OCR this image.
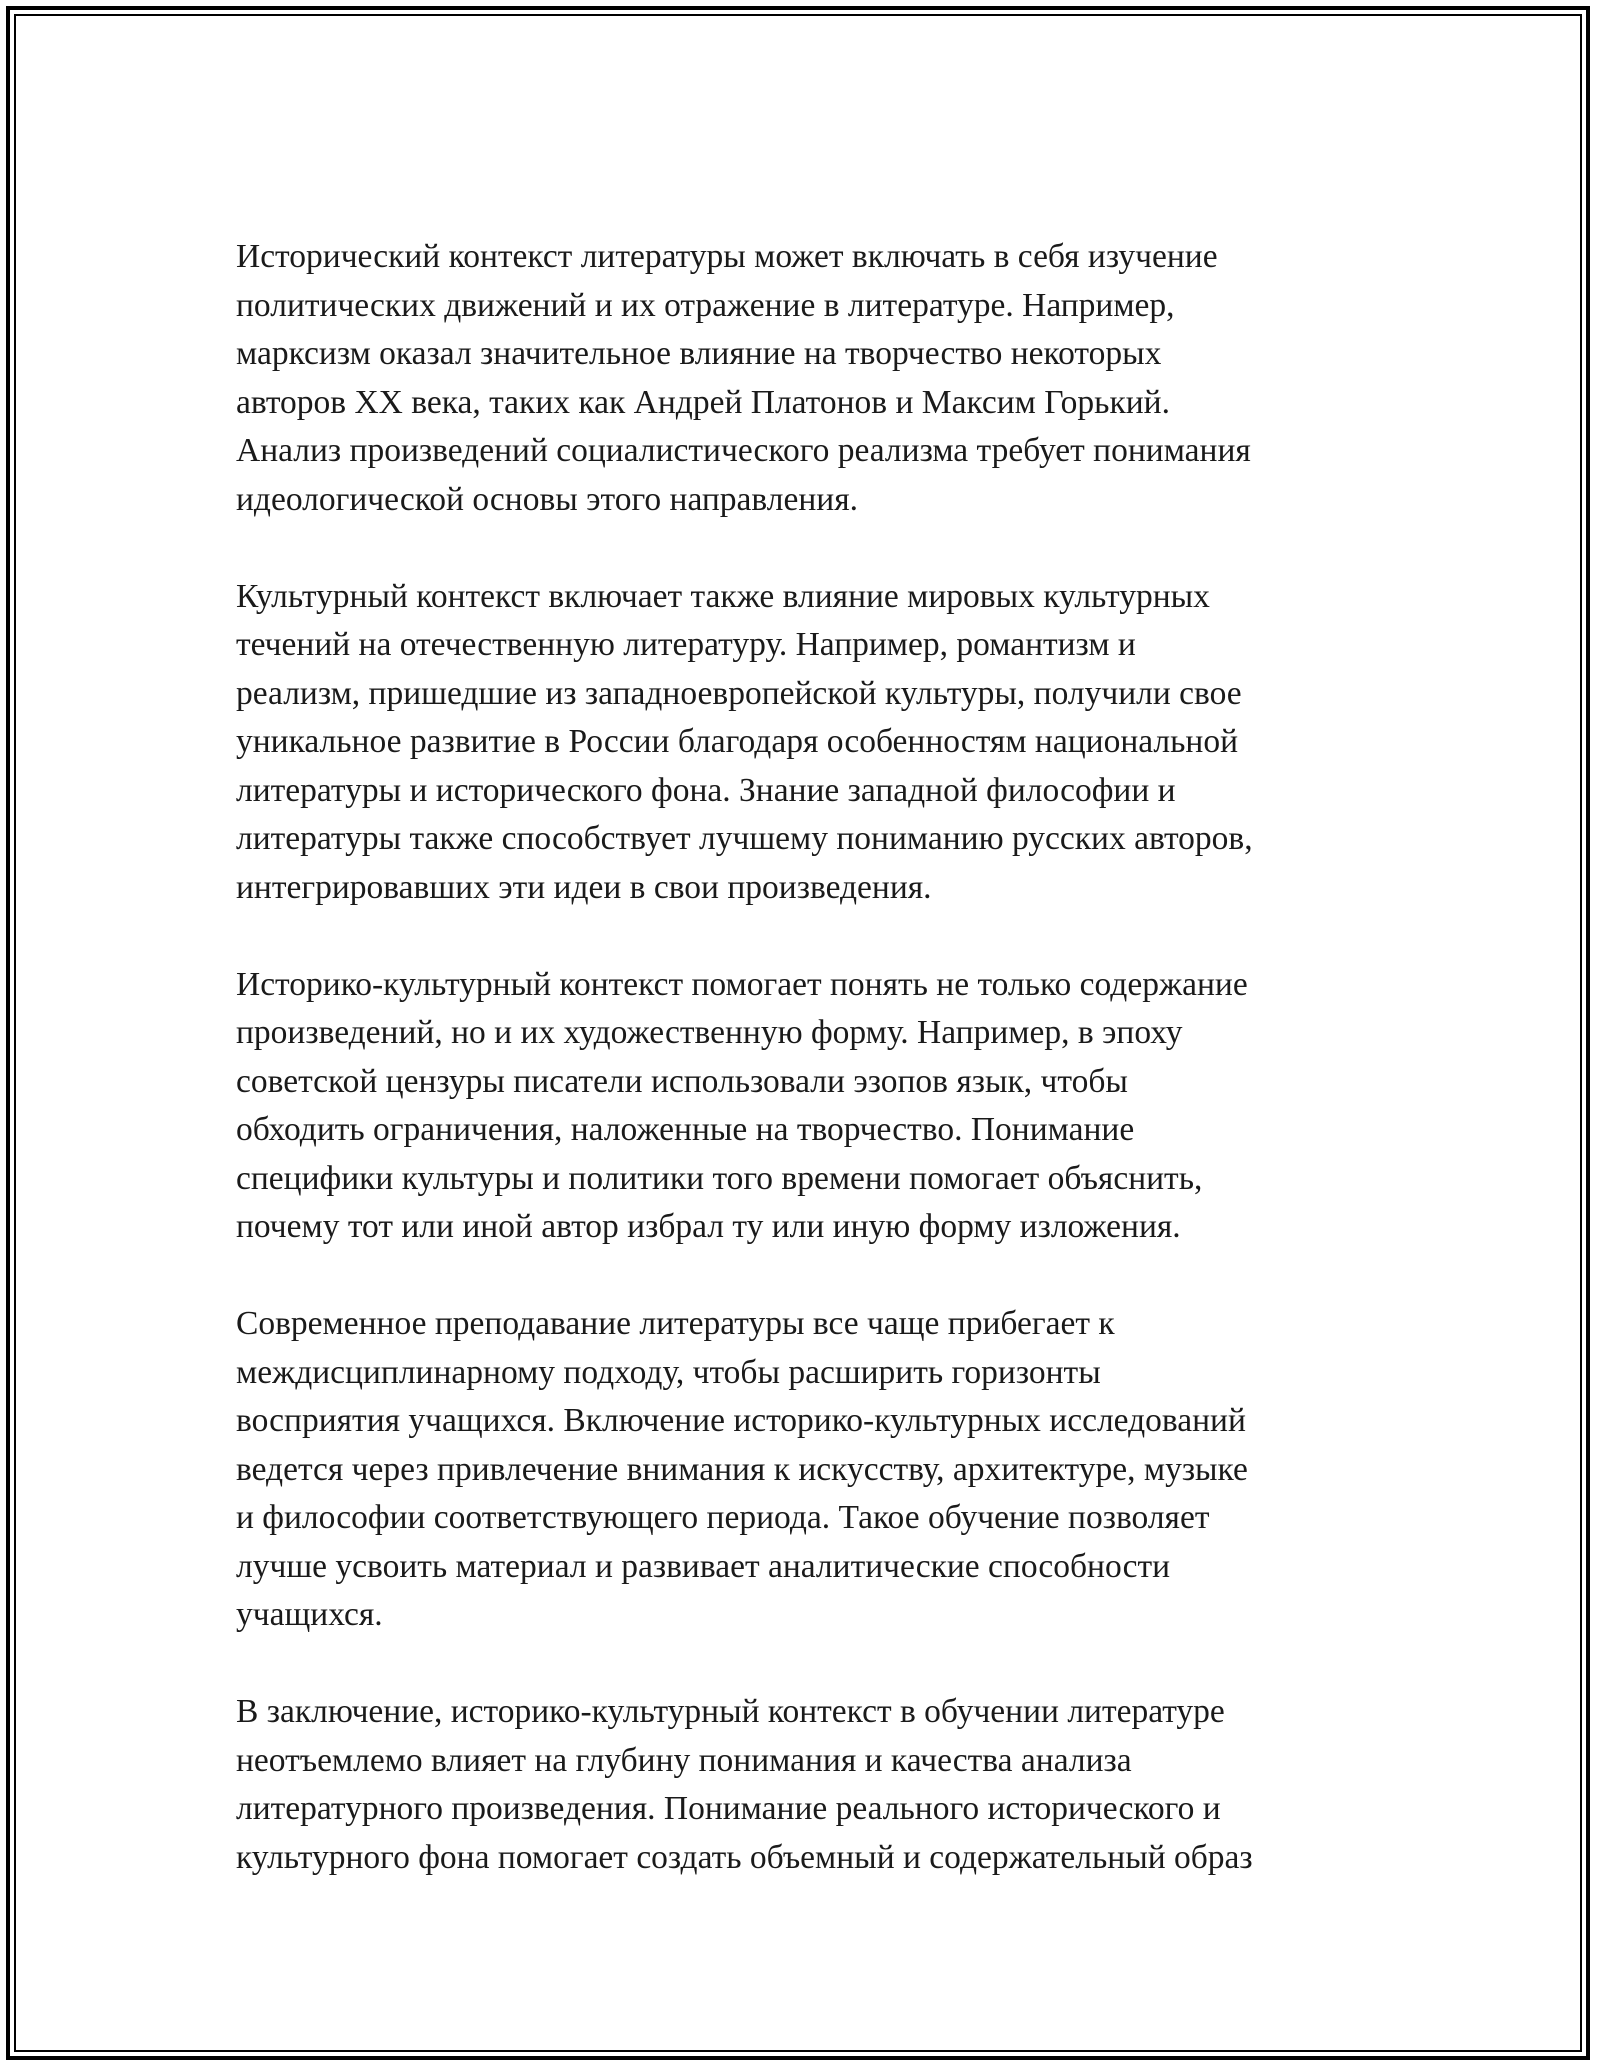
Исторический контекст литературы может включать в себя изучение
политических движений и их отражение в литературе. Например,
марксизм оказал значительное влияние на творчество некоторых
авторов XX века, таких как Андрей Платонов и Максим Горький.
Анализ произведений социалистического реализма требует понимания
идеологической основы этого направления.

Культурный контекст включает также влияние мировых культурных
течений на отечественную литературу. Например, романтизм и
реализм, пришедшие из западноевропейской культуры, получили свое
уникальное развитие в России благодаря особенностям национальной
литературы и исторического фона. Знание западной философии и
литературы также способствует лучшему пониманию русских авторов,
интегрировавших эти идеи в свои произведения.

Историко-культурный контекст помогает понять не только содержание
произведений, но и их художественную форму. Например, в эпоху
советской цензуры писатели использовали эзопов язык, чтобы
обходить ограничения, наложенные на творчество. Понимание
специфики культуры и политики того времени помогает объяснить,
почему тот или иной автор избрал ту или иную форму изложения.

Современное преподавание литературы все чаще прибегает к
междисциплинарному подходу, чтобы расширить горизонты
восприятия учащихся. Включение историко-культурных исследований
ведется через привлечение внимания к искусству, архитектуре, музыке
и философии соответствующего периода. Такое обучение позволяет
лучше усвоить материал и развивает аналитические способности
учащихся.

В заключение, историко-культурный контекст в обучении литературе
неотъемлемо влияет на глубину понимания и качества анализа
литературного произведения. Понимание реального исторического и
культурного фона помогает создать объемный и содержательный образ
